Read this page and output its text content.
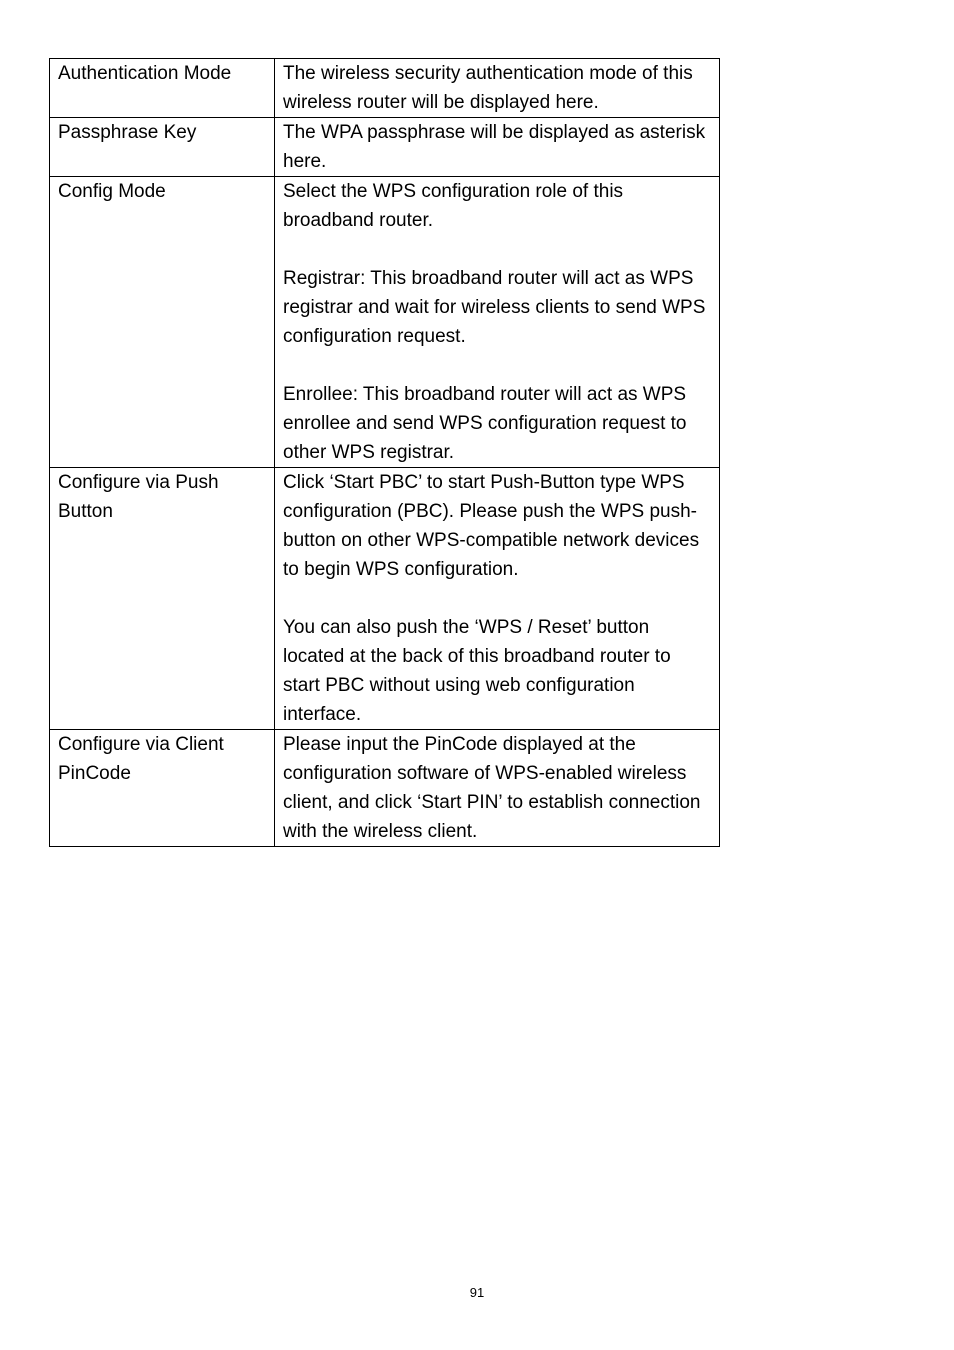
Authentication Mode	The wireless security authentication mode of this wireless router will be displayed here.

Passphrase Key	The WPA passphrase will be displayed as asterisk here.

Config Mode	Select the WPS configuration role of this broadband router.

Registrar: This broadband router will act as WPS registrar and wait for wireless clients to send WPS configuration request.

Enrollee: This broadband router will act as WPS enrollee and send WPS configuration request to other WPS registrar.

Configure via Push Button	Click ‘Start PBC’ to start Push-Button type WPS configuration (PBC). Please push the WPS push-button on other WPS-compatible network devices to begin WPS configuration.

You can also push the ‘WPS / Reset’ button located at the back of this broadband router to start PBC without using web configuration interface.

Configure via Client PinCode	Please input the PinCode displayed at the configuration software of WPS-enabled wireless client, and click ‘Start PIN’ to establish connection with the wireless client.

91
